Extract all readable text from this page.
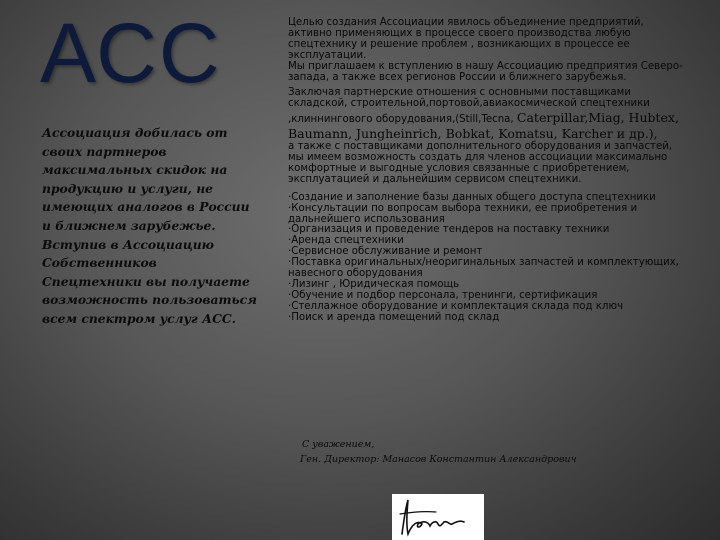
АСС

Ассоциация добилась от своих партнеров максимальных скидок на продукцию и услуги, не имеющих аналогов в России и ближнем зарубежье. Вступив в Ассоциацию Собственников Спецтехники вы получаете возможность пользоваться всем спектром услуг АСС.

Целью создания Ассоциации явилось объединение предприятий, активно применяющих в процессе своего производства любую спецтехнику и решение проблем , возникающих в процессе ее эксплуатации.

Мы приглашаем к вступлению в нашу Ассоциацию предприятия Северо-запада, а также всех регионов России и ближнего зарубежья.

Заключая партнерские отношения с основными поставщиками складской, строительной,портовой,авиакосмической спецтехники ,клиннингового оборудования,(Still,Tecna, Caterpillar,Miag, Hubtex, Baumann, Jungheinrich, Bobkat, Komatsu, Karcher и др.),

а также с поставщиками дополнительного оборудования и запчастей, мы имеем возможность создать для членов ассоциации максимально комфортные и выгодные условия связанные с приобретением, эксплуатацией и дальнейшим сервисом спецтехники.

·Создание и заполнение базы данных общего доступа спецтехники
·Консультации по вопросам выбора техники, ее приобретения и дальнейшего использования
·Организация и проведение тендеров на поставку техники
·Аренда спецтехники
·Сервисное обслуживание и ремонт
·Поставка оригинальных/неоригинальных запчастей и комплектующих, навесного оборудования
·Лизинг , Юридическая помощь
·Обучение и подбор персонала, тренинги, сертификация
·Стеллажное оборудование и комплектация склада под ключ
·Поиск и аренда помещений под склад
С уважением,
Ген. Директор: Манасов Константин Александрович
